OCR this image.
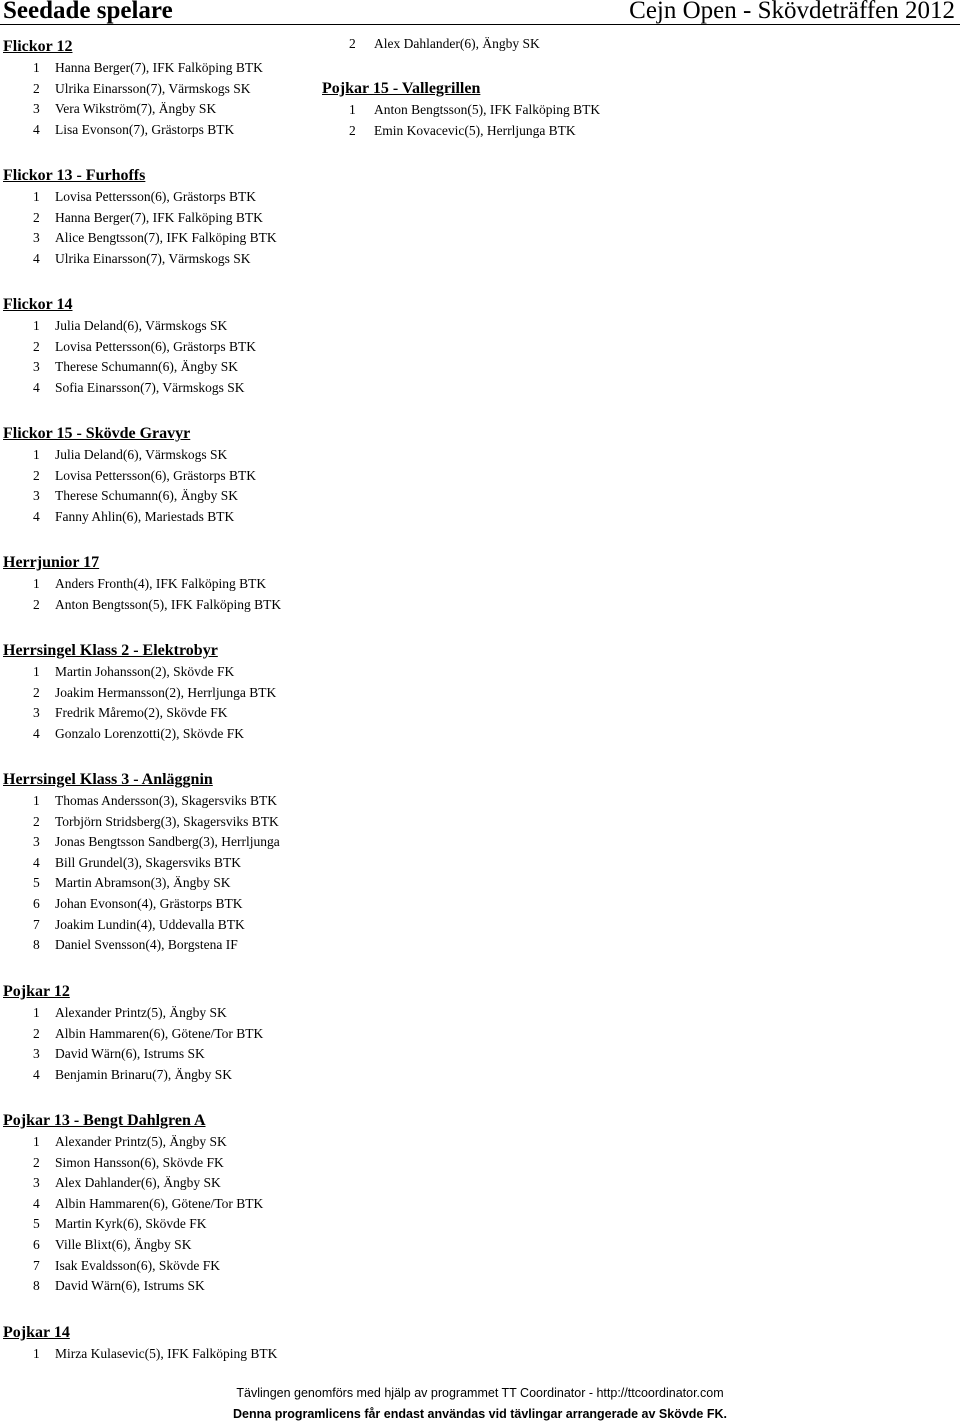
Seedade spelare	Cejn Open - Skövdeträffen 2012
Flickor 12
1 Hanna Berger(7), IFK Falköping BTK
2 Ulrika Einarsson(7), Värmskogs SK
3 Vera Wikström(7), Ängby SK
4 Lisa Evonson(7), Grästorps BTK
Flickor 13 - Furhoffs
1 Lovisa Pettersson(6), Grästorps BTK
2 Hanna Berger(7), IFK Falköping BTK
3 Alice Bengtsson(7), IFK Falköping BTK
4 Ulrika Einarsson(7), Värmskogs SK
Flickor 14
1 Julia Deland(6), Värmskogs SK
2 Lovisa Pettersson(6), Grästorps BTK
3 Therese Schumann(6), Ängby SK
4 Sofia Einarsson(7), Värmskogs SK
Flickor 15 - Skövde Gravyr
1 Julia Deland(6), Värmskogs SK
2 Lovisa Pettersson(6), Grästorps BTK
3 Therese Schumann(6), Ängby SK
4 Fanny Ahlin(6), Mariestads BTK
Herrjunior 17
1 Anders Fronth(4), IFK Falköping BTK
2 Anton Bengtsson(5), IFK Falköping BTK
Herrsingel Klass 2 - Elektrobyr
1 Martin Johansson(2), Skövde FK
2 Joakim Hermansson(2), Herrljunga BTK
3 Fredrik Måremo(2), Skövde FK
4 Gonzalo Lorenzotti(2), Skövde FK
Herrsingel Klass 3 - Anläggnin
1 Thomas Andersson(3), Skagersviks BTK
2 Torbjörn Stridsberg(3), Skagersviks BTK
3 Jonas Bengtsson Sandberg(3), Herrljunga
4 Bill Grundel(3), Skagersviks BTK
5 Martin Abramson(3), Ängby SK
6 Johan Evonson(4), Grästorps BTK
7 Joakim Lundin(4), Uddevalla BTK
8 Daniel Svensson(4), Borgstena IF
Pojkar 12
1 Alexander Printz(5), Ängby SK
2 Albin Hammaren(6), Götene/Tor BTK
3 David Wärn(6), Istrums SK
4 Benjamin Brinaru(7), Ängby SK
Pojkar 13 - Bengt Dahlgren A
1 Alexander Printz(5), Ängby SK
2 Simon Hansson(6), Skövde FK
3 Alex Dahlander(6), Ängby SK
4 Albin Hammaren(6), Götene/Tor BTK
5 Martin Kyrk(6), Skövde FK
6 Ville Blixt(6), Ängby SK
7 Isak Evaldsson(6), Skövde FK
8 David Wärn(6), Istrums SK
Pojkar 14
1 Mirza Kulasevic(5), IFK Falköping BTK
2 Alex Dahlander(6), Ängby SK
Pojkar 15 - Vallegrillen
1 Anton Bengtsson(5), IFK Falköping BTK
2 Emin Kovacevic(5), Herrljunga BTK
Tävlingen genomförs med hjälp av programmet TT Coordinator - http://ttcoordinator.com
Denna programlicens får endast användas vid tävlingar arrangerade av Skövde FK.
